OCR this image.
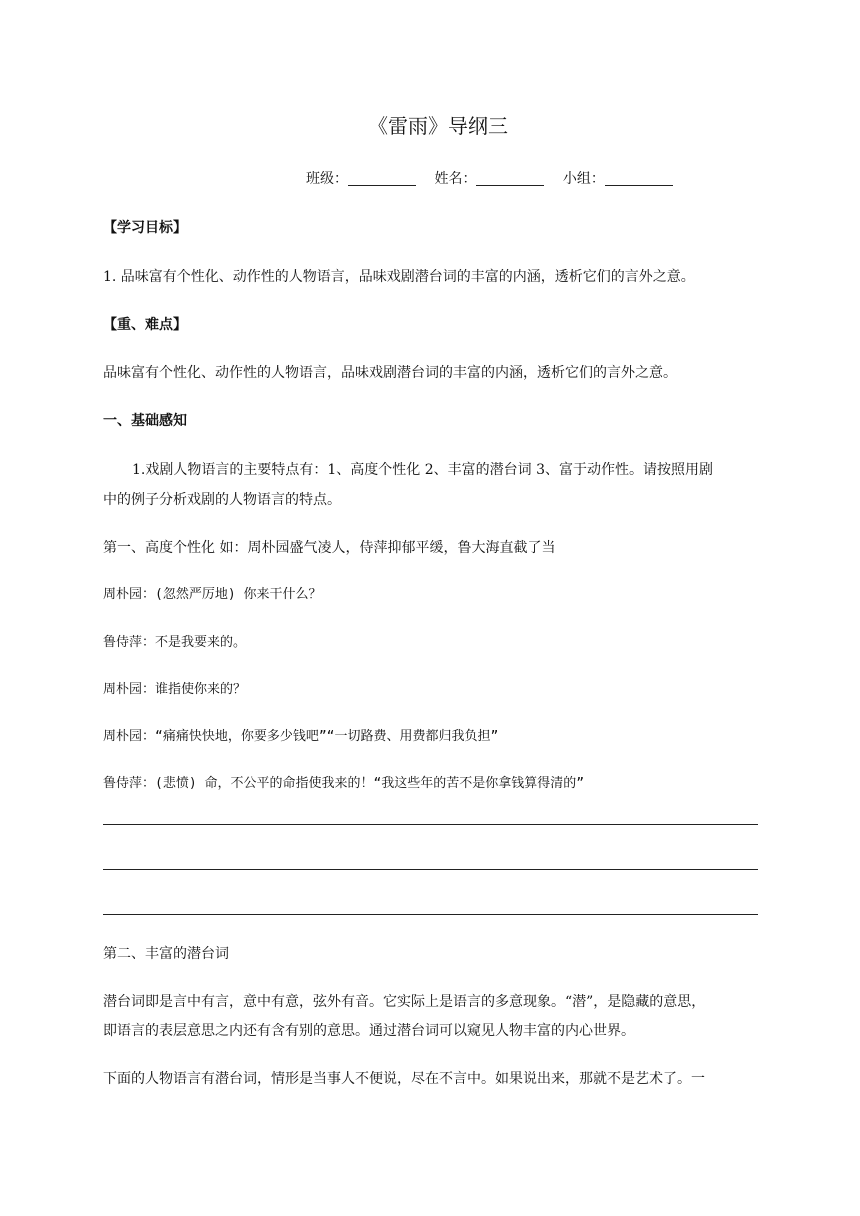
《雷雨》导纲三
班级：	姓名：	小组：
【学习目标】
1. 品味富有个性化、动作性的人物语言，品味戏剧潜台词的丰富的内涵，透析它们的言外之意。
【重、难点】
品味富有个性化、动作性的人物语言，品味戏剧潜台词的丰富的内涵，透析它们的言外之意。
一、基础感知
1.戏剧人物语言的主要特点有：1、高度个性化 2、丰富的潜台词 3、富于动作性。请按照用剧
中的例子分析戏剧的人物语言的特点。
第一、高度个性化 如：周朴园盛气凌人，侍萍抑郁平缓，鲁大海直截了当
周朴园：(忽然严厉地) 你来干什么？
鲁侍萍：不是我要来的。
周朴园：谁指使你来的？
周朴园：“痛痛快快地，你要多少钱吧”“一切路费、用费都归我负担”
鲁侍萍：(悲愤) 命，不公平的命指使我来的！“我这些年的苦不是你拿钱算得清的”
第二、丰富的潜台词
潜台词即是言中有言，意中有意，弦外有音。它实际上是语言的多意现象。“潜”，是隐藏的意思，
即语言的表层意思之内还有含有别的意思。通过潜台词可以窥见人物丰富的内心世界。
下面的人物语言有潜台词，情形是当事人不便说，尽在不言中。如果说出来，那就不是艺术了。一
